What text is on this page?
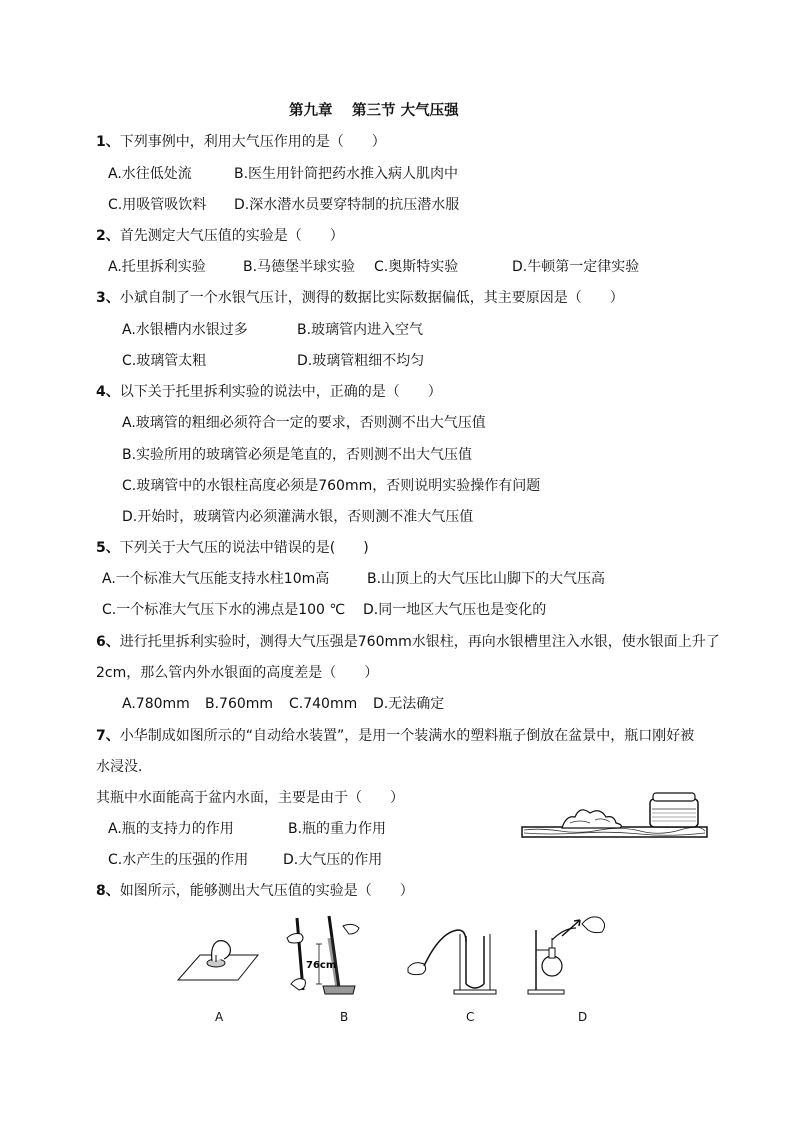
第九章　 第三节 大气压强
1、下列事例中，利用大气压作用的是（　　）
A.水往低处流	B.医生用针筒把药水推入病人肌肉中
C.用吸管吸饮料 D.深水潜水员要穿特制的抗压潜水服
2、首先测定大气压值的实验是（　　）
A.托里拆利实验	B.马德堡半球实验 C.奥斯特实验	D.牛顿第一定律实验
3、小斌自制了一个水银气压计，测得的数据比实际数据偏低，其主要原因是（　　）
A.水银槽内水银过多	B.玻璃管内进入空气
C.玻璃管太粗	D.玻璃管粗细不均匀
4、以下关于托里拆利实验的说法中，正确的是（　　）
A.玻璃管的粗细必须符合一定的要求，否则测不出大气压值
B.实验所用的玻璃管必须是笔直的，否则测不出大气压值
C.玻璃管中的水银柱高度必须是760mm，否则说明实验操作有问题
D.开始时，玻璃管内必须灌满水银，否则测不准大气压值
5、下列关于大气压的说法中错误的是(　　)
A.一个标准大气压能支持水柱10m高	B.山顶上的大气压比山脚下的大气压高
C.一个标准大气压下水的沸点是100 ℃ D.同一地区大气压也是变化的
6、进行托里拆利实验时，测得大气压强是760mm水银柱，再向水银槽里注入水银，使水银面上升了
2cm，那么管内外水银面的高度差是（　　）
A.780mm B.760mm C.740mm D.无法确定
7、小华制成如图所示的“自动给水装置”，是用一个装满水的塑料瓶子倒放在盆景中，瓶口刚好被
水浸没．
其瓶中水面能高于盆内水面，主要是由于（　　）
A.瓶的支持力的作用	B.瓶的重力作用
C.水产生的压强的作用 D.大气压的作用
8、如图所示，能够测出大气压值的实验是（　　）
76cm
A	B	C	D
